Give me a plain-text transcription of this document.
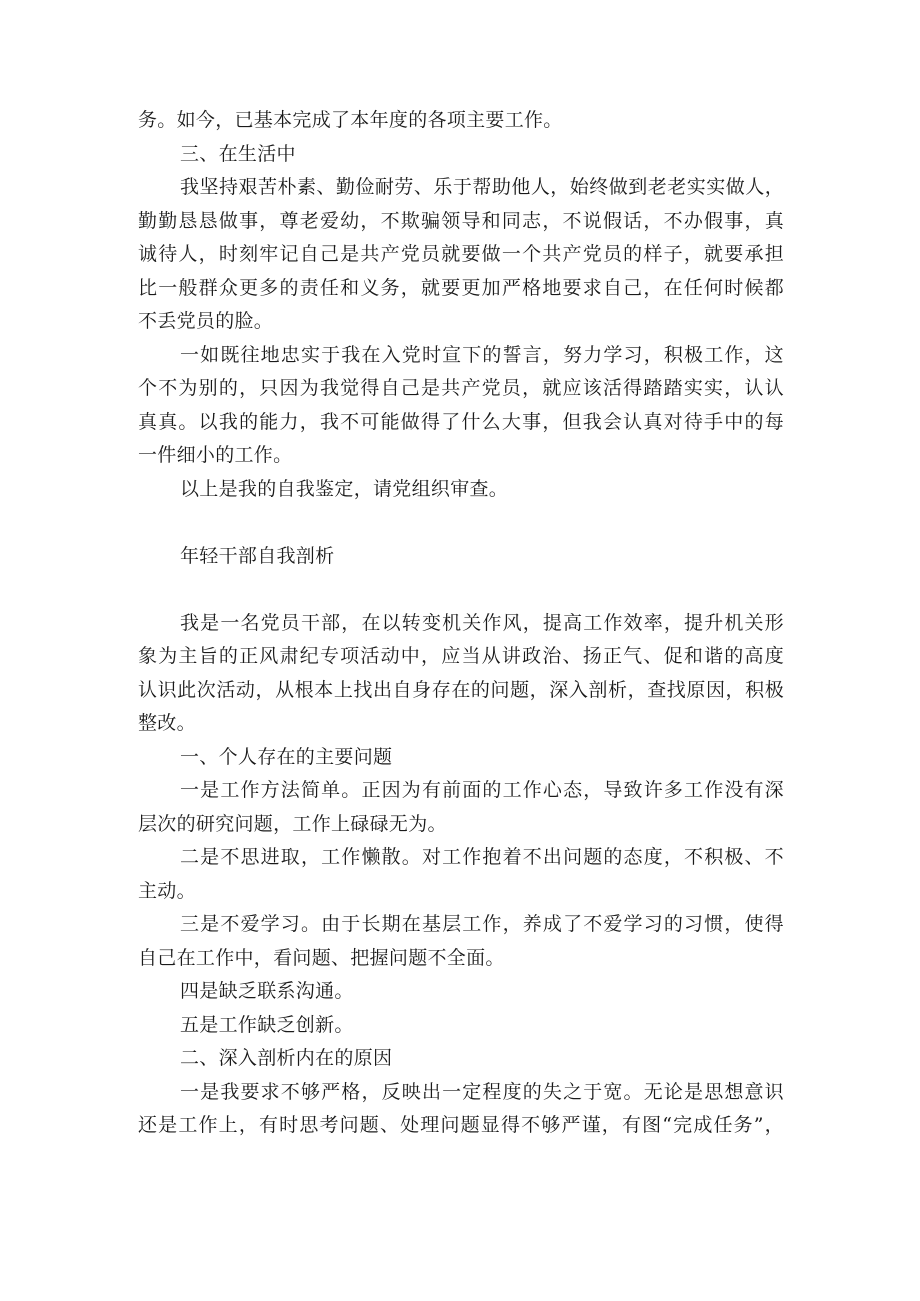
务。如今，已基本完成了本年度的各项主要工作。
三、在生活中
我坚持艰苦朴素、勤俭耐劳、乐于帮助他人，始终做到老老实实做人，
勤勤恳恳做事，尊老爱幼，不欺骗领导和同志，不说假话，不办假事，真
诚待人，时刻牢记自己是共产党员就要做一个共产党员的样子，就要承担
比一般群众更多的责任和义务，就要更加严格地要求自己，在任何时候都
不丢党员的脸。
一如既往地忠实于我在入党时宣下的誓言，努力学习，积极工作，这
个不为别的，只因为我觉得自己是共产党员，就应该活得踏踏实实，认认
真真。以我的能力，我不可能做得了什么大事，但我会认真对待手中的每
一件细小的工作。
以上是我的自我鉴定，请党组织审查。
年轻干部自我剖析
我是一名党员干部，在以转变机关作风，提高工作效率，提升机关形
象为主旨的正风肃纪专项活动中，应当从讲政治、扬正气、促和谐的高度
认识此次活动，从根本上找出自身存在的问题，深入剖析，查找原因，积极
整改。
一、个人存在的主要问题
一是工作方法简单。正因为有前面的工作心态，导致许多工作没有深
层次的研究问题，工作上碌碌无为。
二是不思进取，工作懒散。对工作抱着不出问题的态度，不积极、不
主动。
三是不爱学习。由于长期在基层工作，养成了不爱学习的习惯，使得
自己在工作中，看问题、把握问题不全面。
四是缺乏联系沟通。
五是工作缺乏创新。
二、深入剖析内在的原因
一是我要求不够严格，反映出一定程度的失之于宽。无论是思想意识
还是工作上，有时思考问题、处理问题显得不够严谨，有图“完成任务”，
